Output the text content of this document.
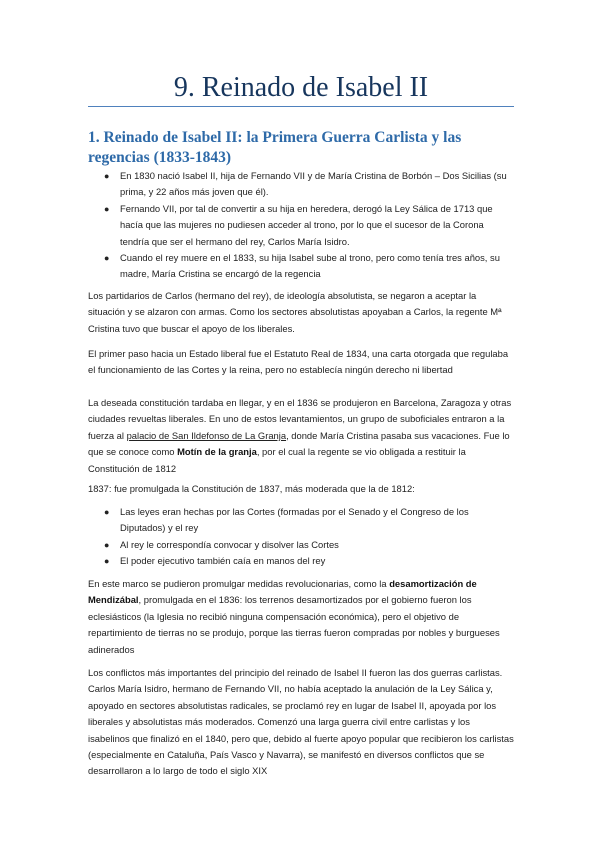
9. Reinado de Isabel II
1. Reinado de Isabel II: la Primera Guerra Carlista y las regencias (1833-1843)
● En 1830 nació Isabel II, hija de Fernando VII y de María Cristina de Borbón – Dos Sicilias (su prima, y 22 años más joven que él).
● Fernando VII, por tal de convertir a su hija en heredera, derogó la Ley Sálica de 1713 que hacía que las mujeres no pudiesen acceder al trono, por lo que el sucesor de la Corona tendría que ser el hermano del rey, Carlos María Isidro.
● Cuando el rey muere en el 1833, su hija Isabel sube al trono, pero como tenía tres años, su madre, María Cristina se encargó de la regencia

Los partidarios de Carlos (hermano del rey), de ideología absolutista, se negaron a aceptar la situación y se alzaron con armas. Como los sectores absolutistas apoyaban a Carlos, la regente Mª Cristina tuvo que buscar el apoyo de los liberales.

El primer paso hacia un Estado liberal fue el Estatuto Real de 1834, una carta otorgada que regulaba el funcionamiento de las Cortes y la reina, pero no establecía ningún derecho ni libertad

La deseada constitución tardaba en llegar, y en el 1836 se produjeron en Barcelona, Zaragoza y otras ciudades revueltas liberales. En uno de estos levantamientos, un grupo de suboficiales entraron a la fuerza al palacio de San Ildefonso de La Granja, donde María Cristina pasaba sus vacaciones. Fue lo que se conoce como Motín de la granja, por el cual la regente se vio obligada a restituir la Constitución de 1812

1837: fue promulgada la Constitución de 1837, más moderada que la de 1812:

● Las leyes eran hechas por las Cortes (formadas por el Senado y el Congreso de los Diputados) y el rey
● Al rey le correspondía convocar y disolver las Cortes
● El poder ejecutivo también caía en manos del rey

En este marco se pudieron promulgar medidas revolucionarias, como la desamortización de Mendizábal, promulgada en el 1836: los terrenos desamortizados por el gobierno fueron los eclesiásticos (la Iglesia no recibió ninguna compensación económica), pero el objetivo de repartimiento de tierras no se produjo, porque las tierras fueron compradas por nobles y burgueses adinerados

Los conflictos más importantes del principio del reinado de Isabel II fueron las dos guerras carlistas. Carlos María Isidro, hermano de Fernando VII, no había aceptado la anulación de la Ley Sálica y, apoyado en sectores absolutistas radicales, se proclamó rey en lugar de Isabel II, apoyada por los liberales y absolutistas más moderados. Comenzó una larga guerra civil entre carlistas y los isabelinos que finalizó en el 1840, pero que, debido al fuerte apoyo popular que recibieron los carlistas (especialmente en Cataluña, País Vasco y Navarra), se manifestó en diversos conflictos que se desarrollaron a lo largo de todo el siglo XIX
